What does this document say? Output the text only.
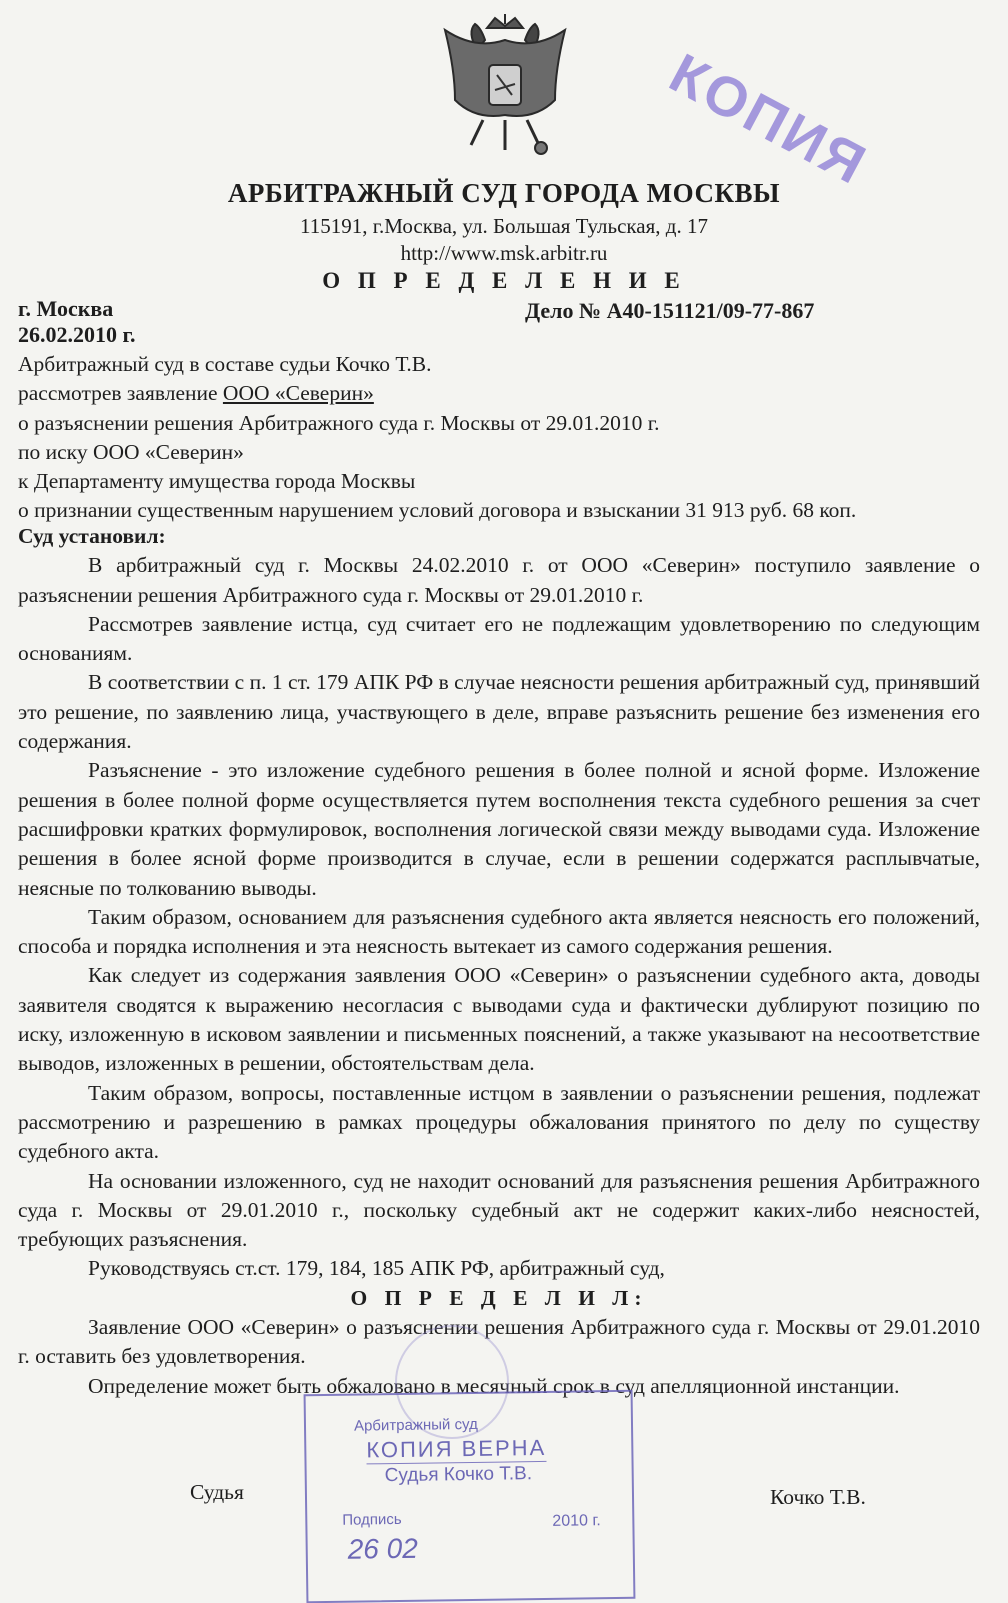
КОПИЯ
АРБИТРАЖНЫЙ СУД ГОРОДА МОСКВЫ
115191, г.Москва, ул. Большая Тульская, д. 17
http://www.msk.arbitr.ru
О П Р Е Д Е Л Е Н И Е
г. Москва	Дело № А40-151121/09-77-867
26.02.2010 г.
Арбитражный суд в составе судьи Кочко Т.В.
рассмотрев заявление ООО «Северин»
о разъяснении решения Арбитражного суда г. Москвы от 29.01.2010 г.
по иску ООО «Северин»
к Департаменту имущества города Москвы
о признании существенным нарушением условий договора и взыскании 31 913 руб. 68 коп.
Суд установил:

В арбитражный суд г. Москвы 24.02.2010 г. от ООО «Северин» поступило заявление о разъяснении решения Арбитражного суда г. Москвы от 29.01.2010 г.

Рассмотрев заявление истца, суд считает его не подлежащим удовлетворению по следующим основаниям.

В соответствии с п. 1 ст. 179 АПК РФ в случае неясности решения арбитражный суд, принявший это решение, по заявлению лица, участвующего в деле, вправе разъяснить решение без изменения его содержания.

Разъяснение - это изложение судебного решения в более полной и ясной форме. Изложение решения в более полной форме осуществляется путем восполнения текста судебного решения за счет расшифровки кратких формулировок, восполнения логической связи между выводами суда. Изложение решения в более ясной форме производится в случае, если в решении содержатся расплывчатые, неясные по толкованию выводы.

Таким образом, основанием для разъяснения судебного акта является неясность его положений, способа и порядка исполнения и эта неясность вытекает из самого содержания решения.

Как следует из содержания заявления ООО «Северин» о разъяснении судебного акта, доводы заявителя сводятся к выражению несогласия с выводами суда и фактически дублируют позицию по иску, изложенную в исковом заявлении и письменных пояснений, а также указывают на несоответствие выводов, изложенных в решении, обстоятельствам дела.

Таким образом, вопросы, поставленные истцом в заявлении о разъяснении решения, подлежат рассмотрению и разрешению в рамках процедуры обжалования принятого по делу по существу судебного акта.

На основании изложенного, суд не находит оснований для разъяснения решения Арбитражного суда г. Москвы от 29.01.2010 г., поскольку судебный акт не содержит каких-либо неясностей, требующих разъяснения.

Руководствуясь ст.ст. 179, 184, 185 АПК РФ, арбитражный суд,

О П Р Е Д Е Л И Л:

Заявление ООО «Северин» о разъяснении решения Арбитражного суда г. Москвы от 29.01.2010 г. оставить без удовлетворения.

Определение может быть обжаловано в месячный срок в суд апелляционной инстанции.

Арбитражный суд
КОПИЯ ВЕРНА
Судья Кочко Т.В.
Подпись
26 02
2010 г.
Судья	Кочко Т.В.
